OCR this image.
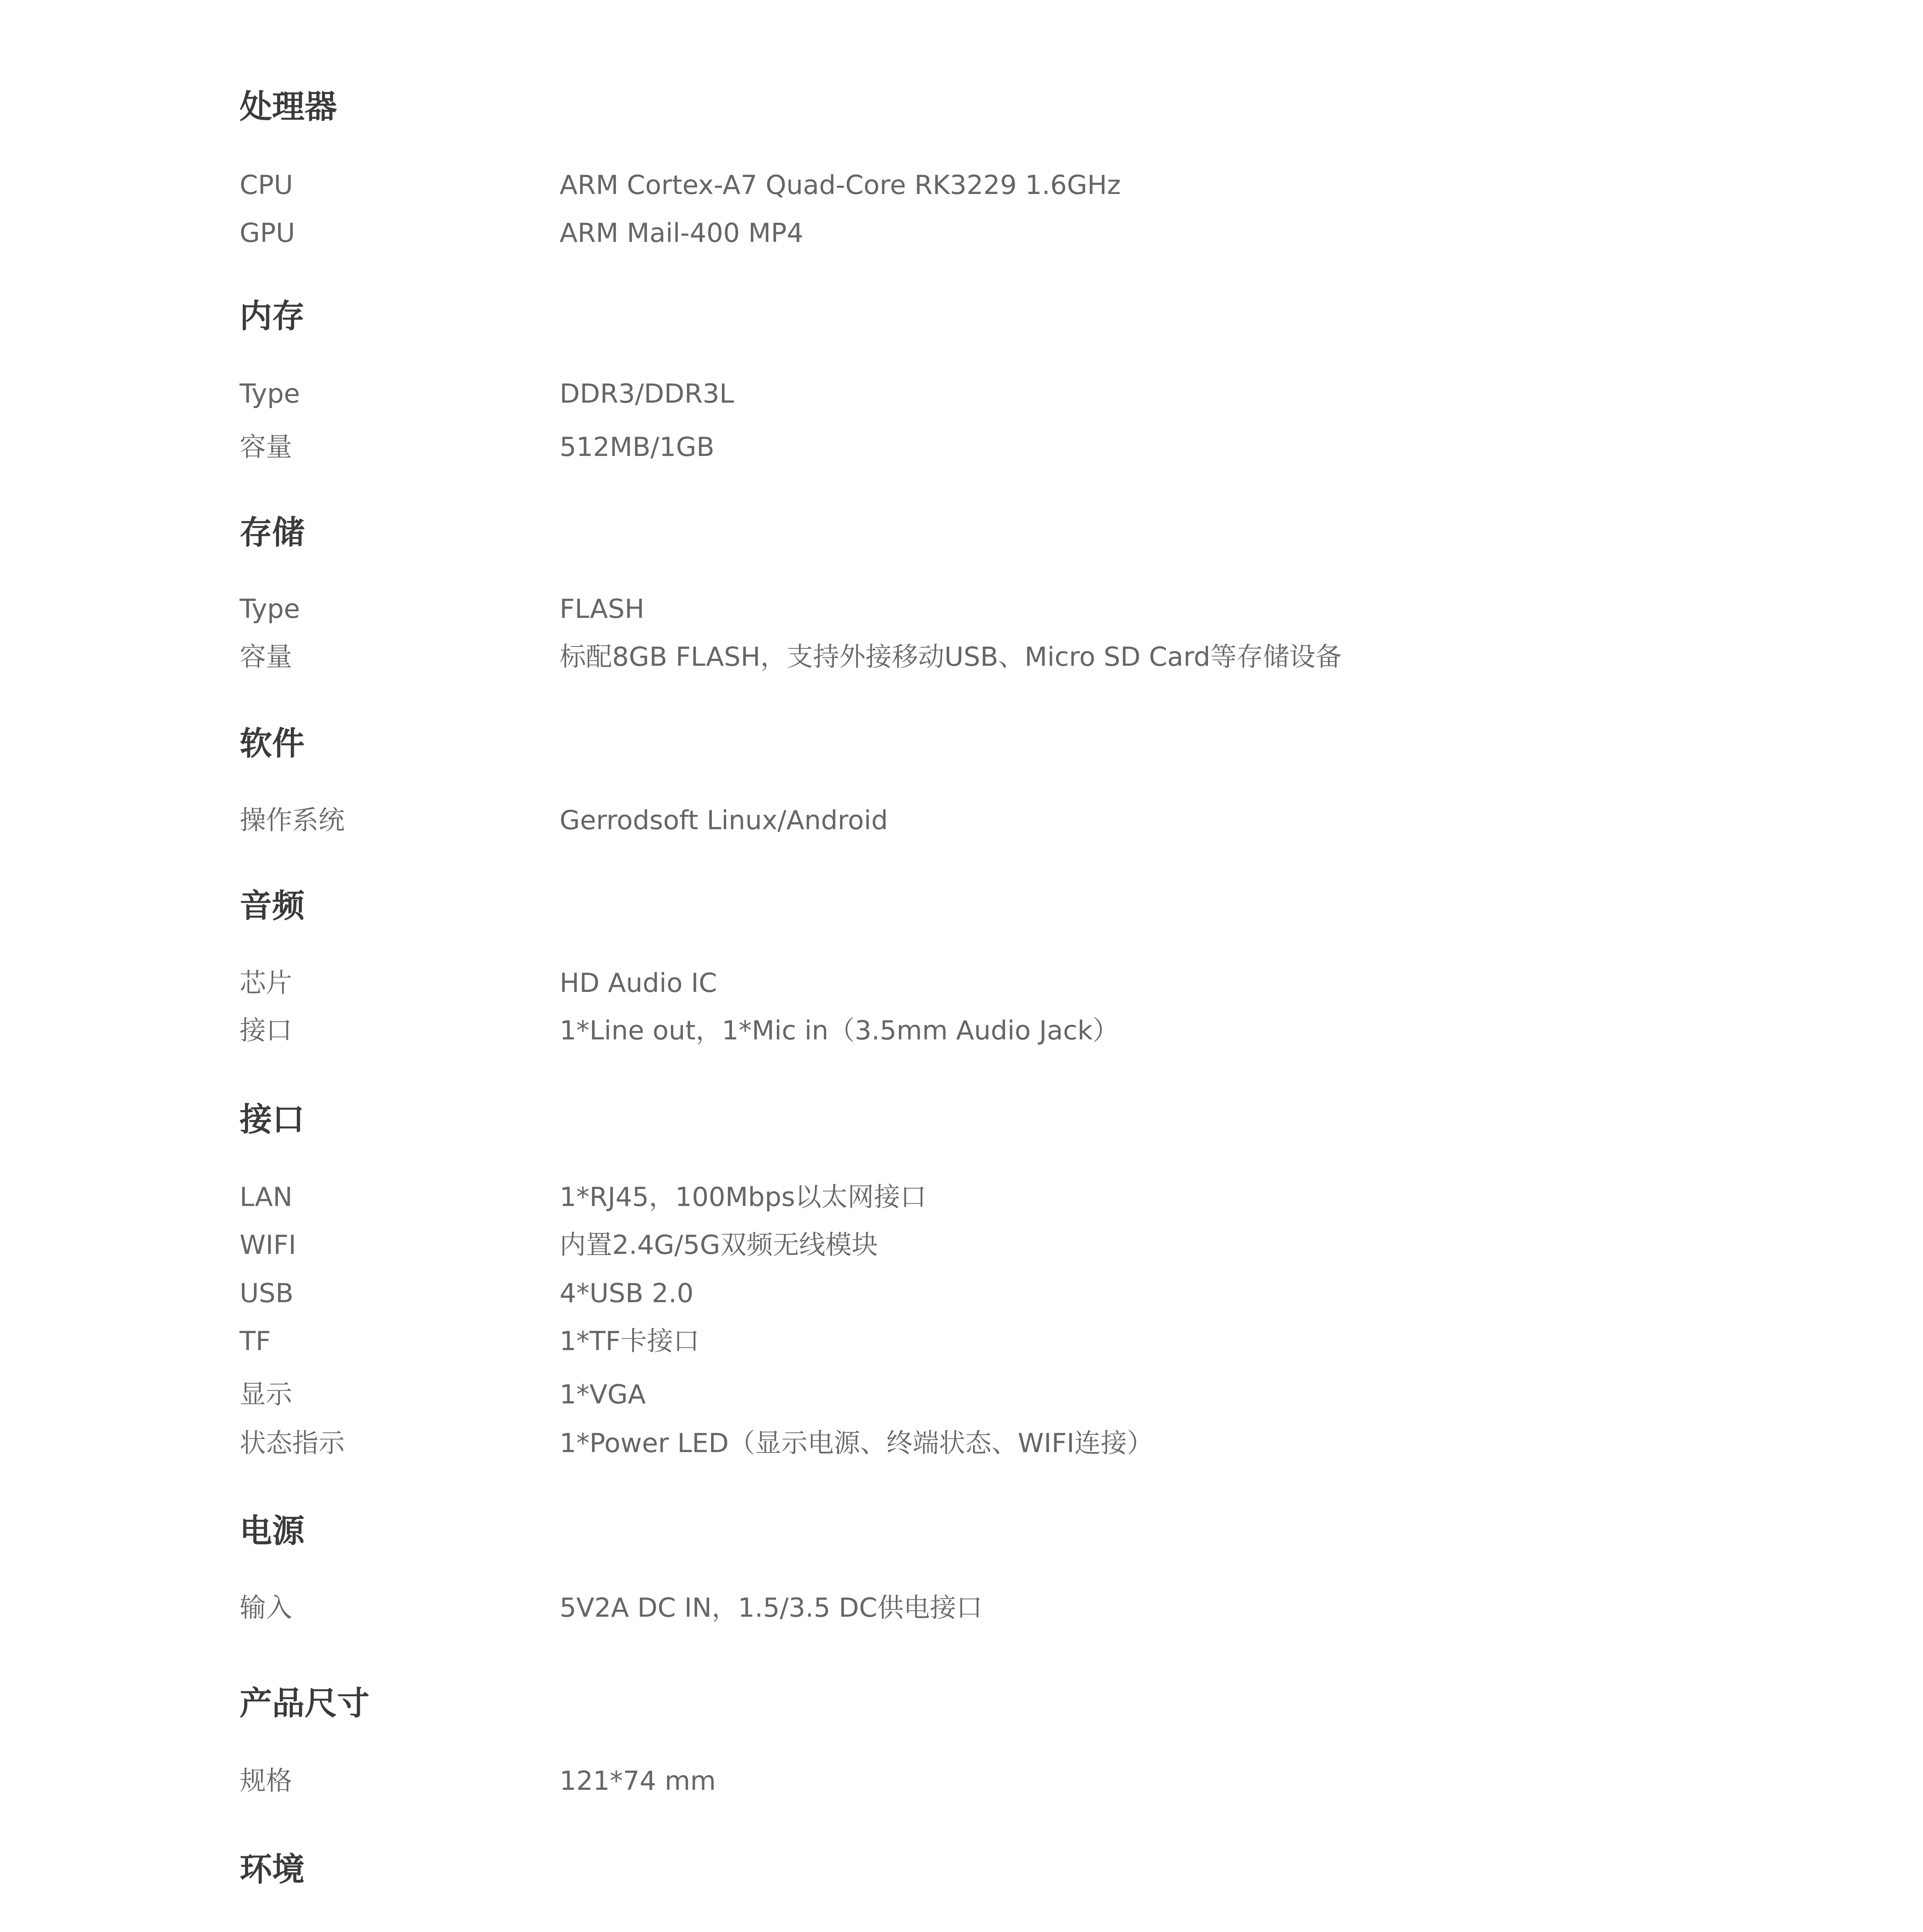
处理器
CPU	ARM Cortex-A7 Quad-Core RK3229 1.6GHz
GPU	ARM Mail-400 MP4
内存
Type	DDR3/DDR3L
容量	512MB/1GB
存储
Type	FLASH
容量	标配8GB FLASH，支持外接移动USB、Micro SD Card等存储设备
软件
操作系统	Gerrodsoft Linux/Android
音频
芯片	HD Audio IC
接口	1*Line out，1*Mic in（3.5mm Audio Jack）
接口
LAN	1*RJ45，100Mbps以太网接口
WIFI	内置2.4G/5G双频无线模块
USB	4*USB 2.0
TF	1*TF卡接口
显示	1*VGA
状态指示	1*Power LED（显示电源、终端状态、WIFI连接）
电源
输入	5V2A DC IN，1.5/3.5 DC供电接口
产品尺寸
规格	121*74 mm
环境
